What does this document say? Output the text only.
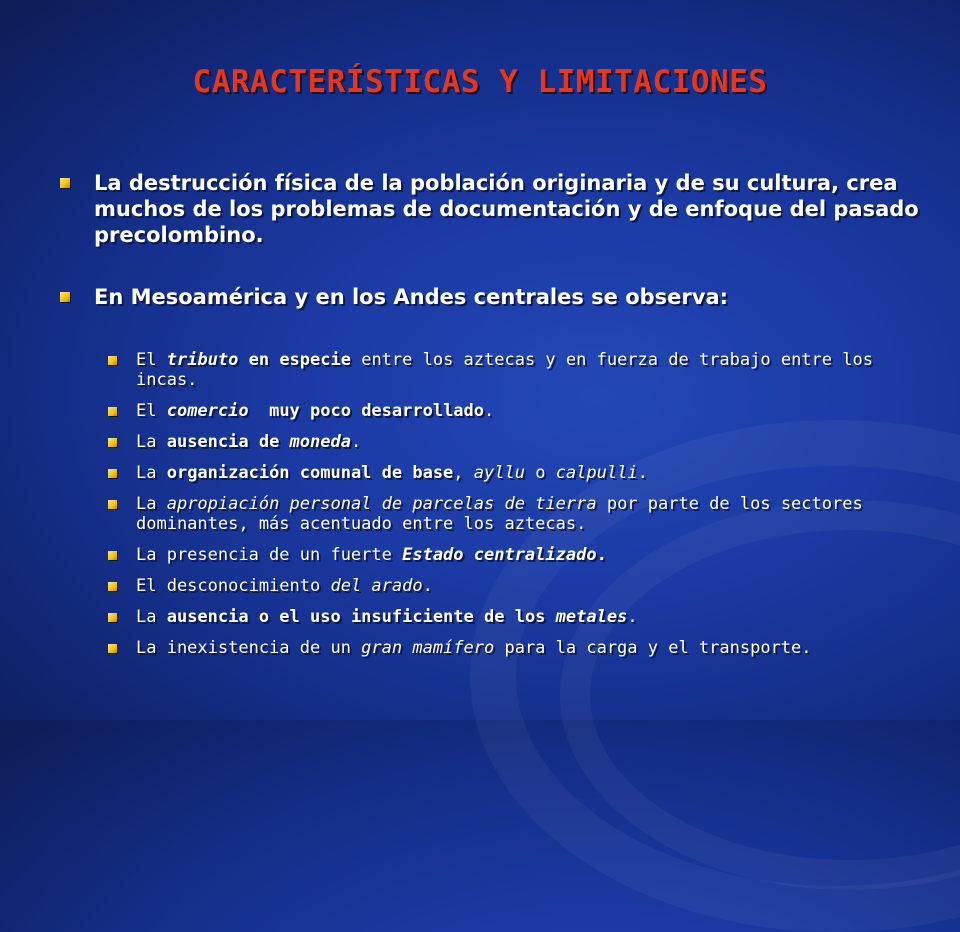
CARACTERÍSTICAS Y LIMITACIONES
La destrucción física de la población originaria y de su cultura, crea muchos de los problemas de documentación y de enfoque del pasado precolombino.
En Mesoamérica y en los Andes centrales se observa:
El tributo en especie entre los aztecas y en fuerza de trabajo entre los incas.
El comercio  muy poco desarrollado.
La ausencia de moneda.
La organización comunal de base, ayllu o calpulli.
La apropiación personal de parcelas de tierra por parte de los sectores dominantes, más acentuado entre los aztecas.
La presencia de un fuerte Estado centralizado.
El desconocimiento del arado.
La ausencia o el uso insuficiente de los metales.
La inexistencia de un gran mamífero para la carga y el transporte.
